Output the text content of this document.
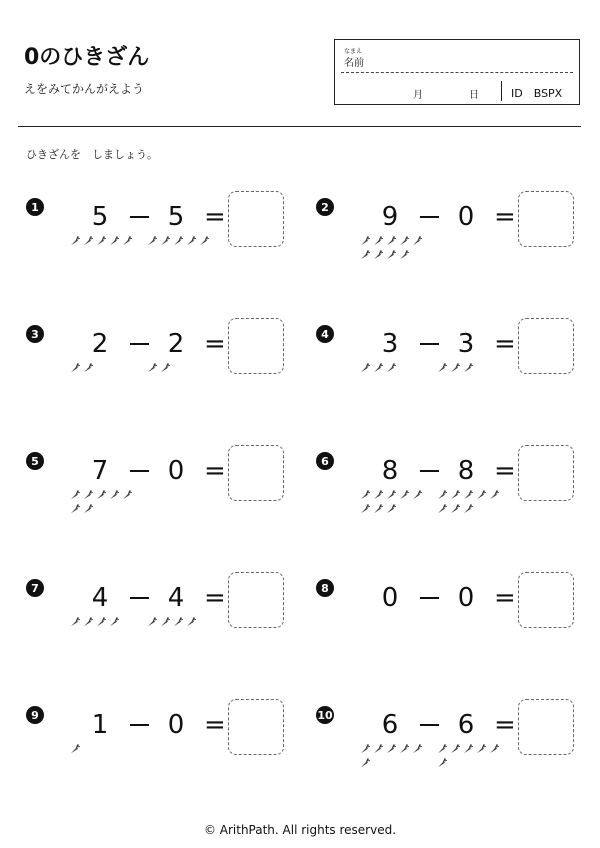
0のひきざん
えをみてかんがえよう
なまえ
名前
月	日	ID　BSPX
ひきざんを　しましょう。
1 5 5 =	2 9 0 =
3 2 2 =	4 3 3 =
5 7 0 =	6 8 8 =
7 4 4 =	8 0 0 =
9 1 0 =	10 6 6 =
© ArithPath. All rights reserved.
